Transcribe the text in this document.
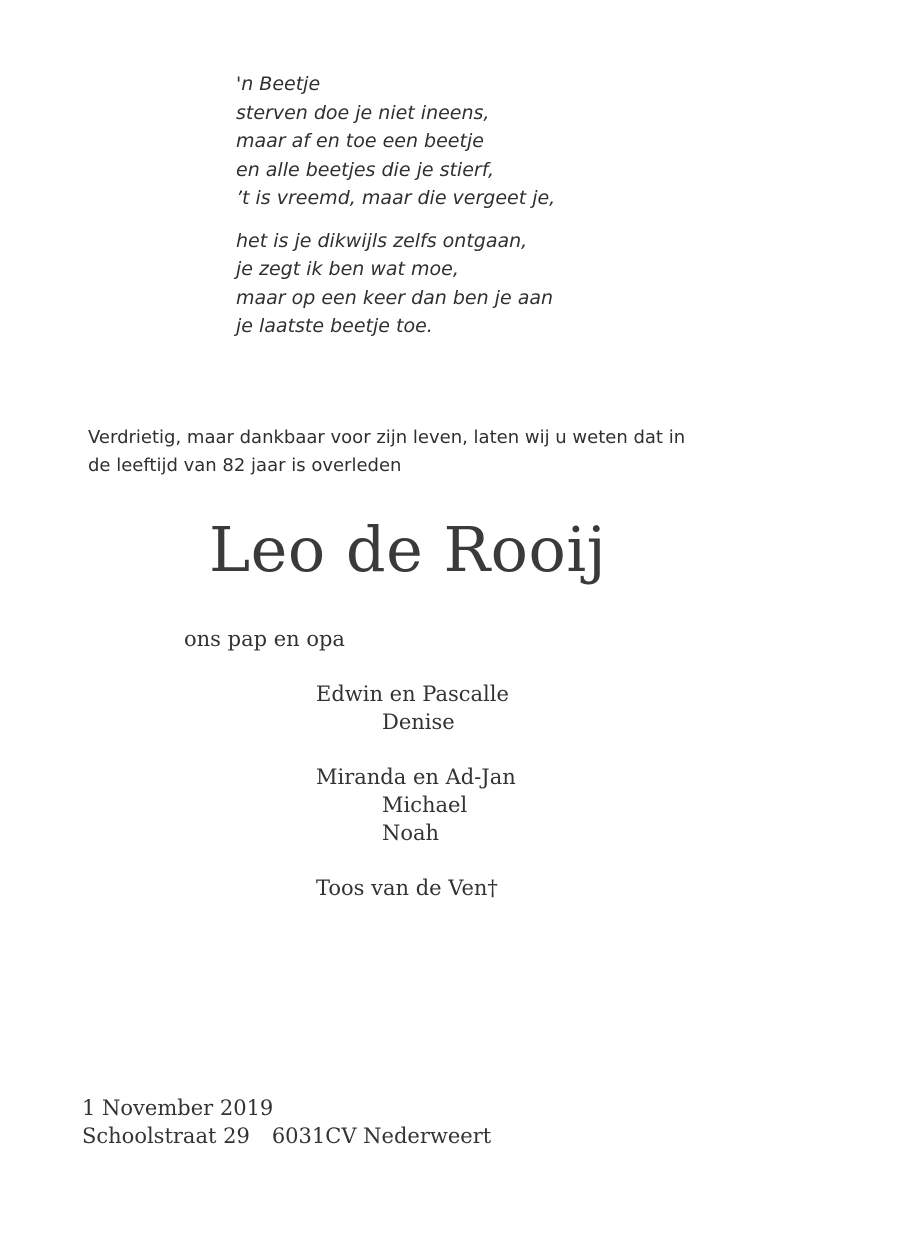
'n Beetje
sterven doe je niet ineens,
maar af en toe een beetje
en alle beetjes die je stierf,
’t is vreemd, maar die vergeet je,
het is je dikwijls zelfs ontgaan,
je zegt ik ben wat moe,
maar op een keer dan ben je aan
je laatste beetje toe.
Verdrietig, maar dankbaar voor zijn leven, laten wij u weten dat in
de leeftijd van 82 jaar is overleden
Leo de Rooij
ons pap en opa
Edwin en Pascalle
Denise
Miranda en Ad-Jan
Michael
Noah
Toos van de Ven†
1 November 2019
Schoolstraat 29 6031CV Nederweert
